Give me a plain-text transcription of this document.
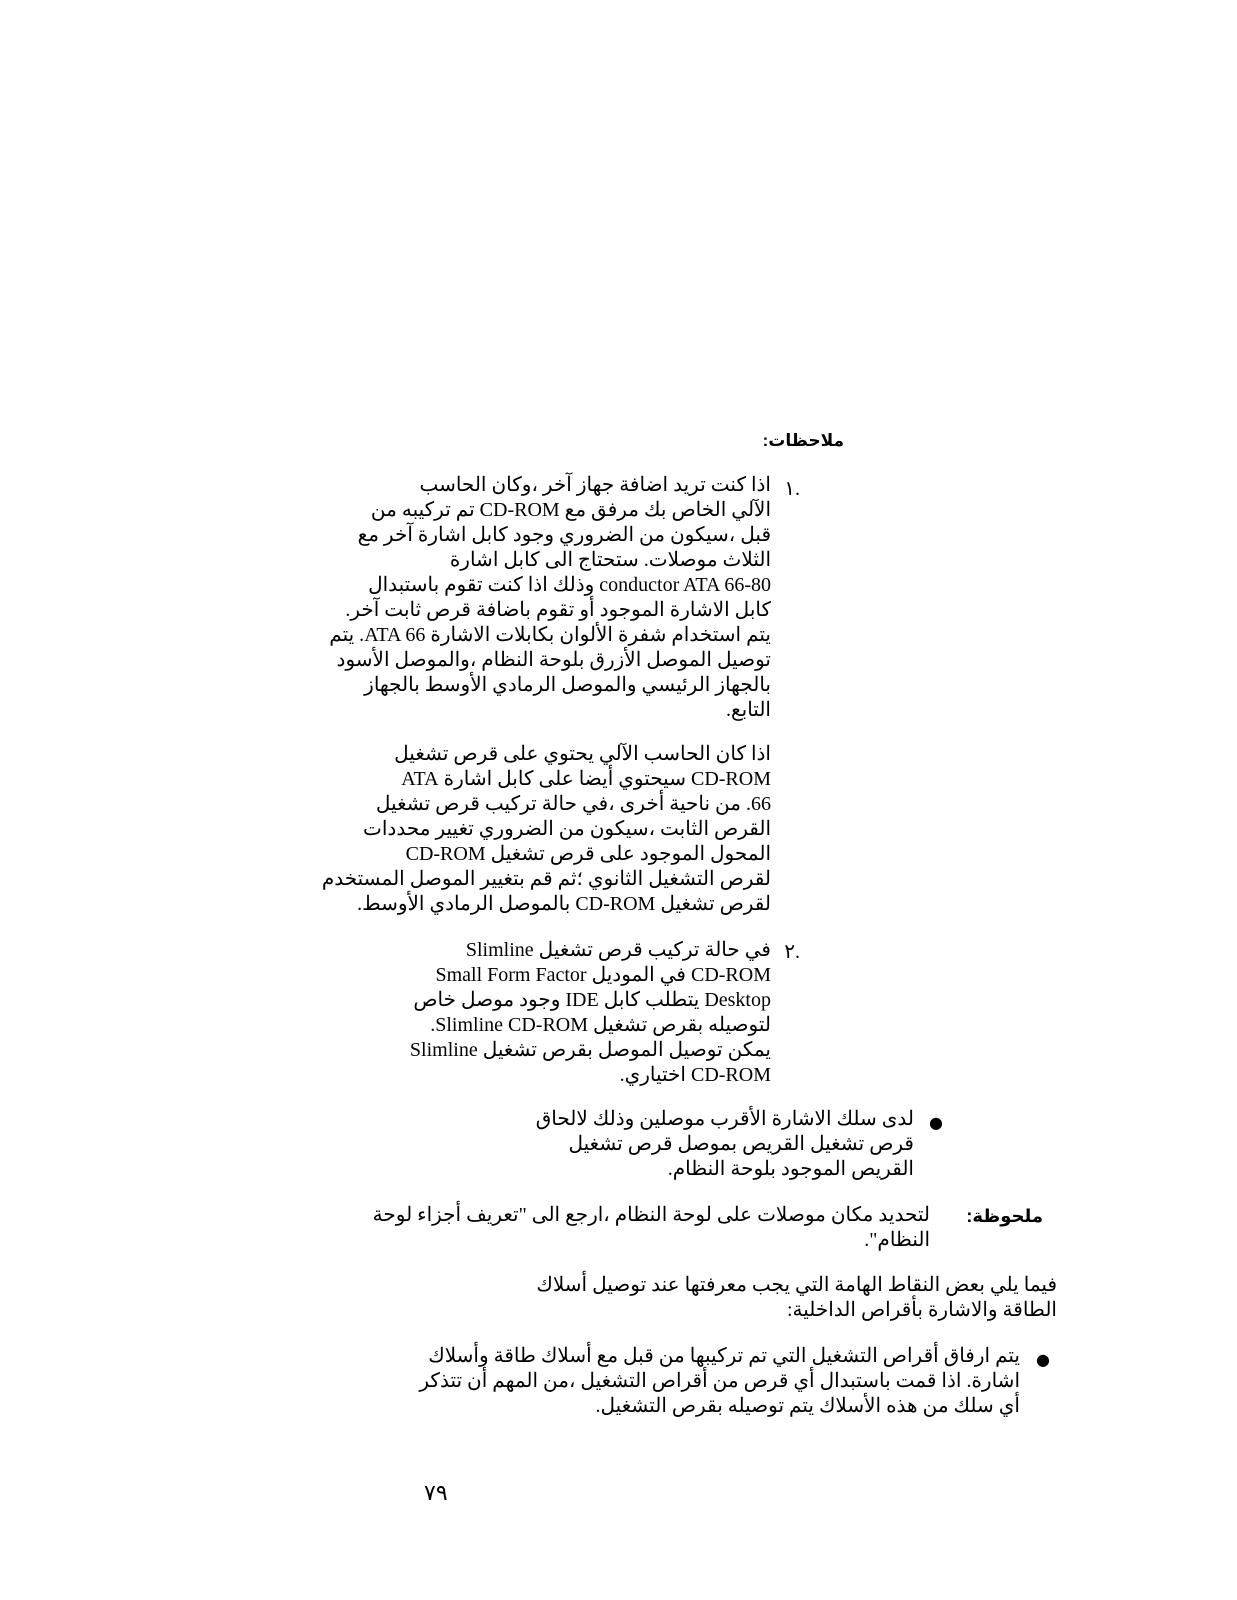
ملاحظات:
.١
اذا كنت تريد اضافة جهاز آخر ،وكان الحاسب
الآلي الخاص بك مرفق مع CD-ROM تم تركيبه من
قبل ،سيكون من الضروري وجود كابل اشارة آخر مع
الثلاث موصلات. ستحتاج الى كابل اشارة
80-conductor ATA 66 وذلك اذا كنت تقوم باستبدال
كابل الاشارة الموجود أو تقوم باضافة قرص ثابت آخر.
يتم استخدام شفرة الألوان بكابلات الاشارة ATA 66. يتم
توصيل الموصل الأزرق بلوحة النظام ،والموصل الأسود
بالجهاز الرئيسي والموصل الرمادي الأوسط بالجهاز
التابع.
اذا كان الحاسب الآلي يحتوي على قرص تشغيل
CD-ROM سيحتوي أيضا على كابل اشارة ATA
66. من ناحية أخرى ،في حالة تركيب قرص تشغيل
القرص الثابت ،سيكون من الضروري تغيير محددات
المحول الموجود على قرص تشغيل CD-ROM
لقرص التشغيل الثانوي ؛ثم قم بتغيير الموصل المستخدم
لقرص تشغيل CD-ROM بالموصل الرمادي الأوسط.
.٢
في حالة تركيب قرص تشغيل Slimline
CD-ROM في الموديل Small Form Factor
Desktop يتطلب كابل IDE وجود موصل خاص
لتوصيله بقرص تشغيل Slimline CD-ROM.
يمكن توصيل الموصل بقرص تشغيل Slimline
CD-ROM اختياري.
●
لدى سلك الاشارة الأقرب موصلين وذلك لالحاق
قرص تشغيل القريص بموصل قرص تشغيل
القريص الموجود بلوحة النظام.
ملحوظة:
لتحديد مكان موصلات على لوحة النظام ،ارجع الى "تعريف أجزاء لوحة
النظام".
فيما يلي بعض النقاط الهامة التي يجب معرفتها عند توصيل أسلاك
الطاقة والاشارة بأقراص الداخلية:
●
يتم ارفاق أقراص التشغيل التي تم تركيبها من قبل مع أسلاك طاقة وأسلاك
اشارة. اذا قمت باستبدال أي قرص من أقراص التشغيل ،من المهم أن تتذكر
أي سلك من هذه الأسلاك يتم توصيله بقرص التشغيل.
٧٩
